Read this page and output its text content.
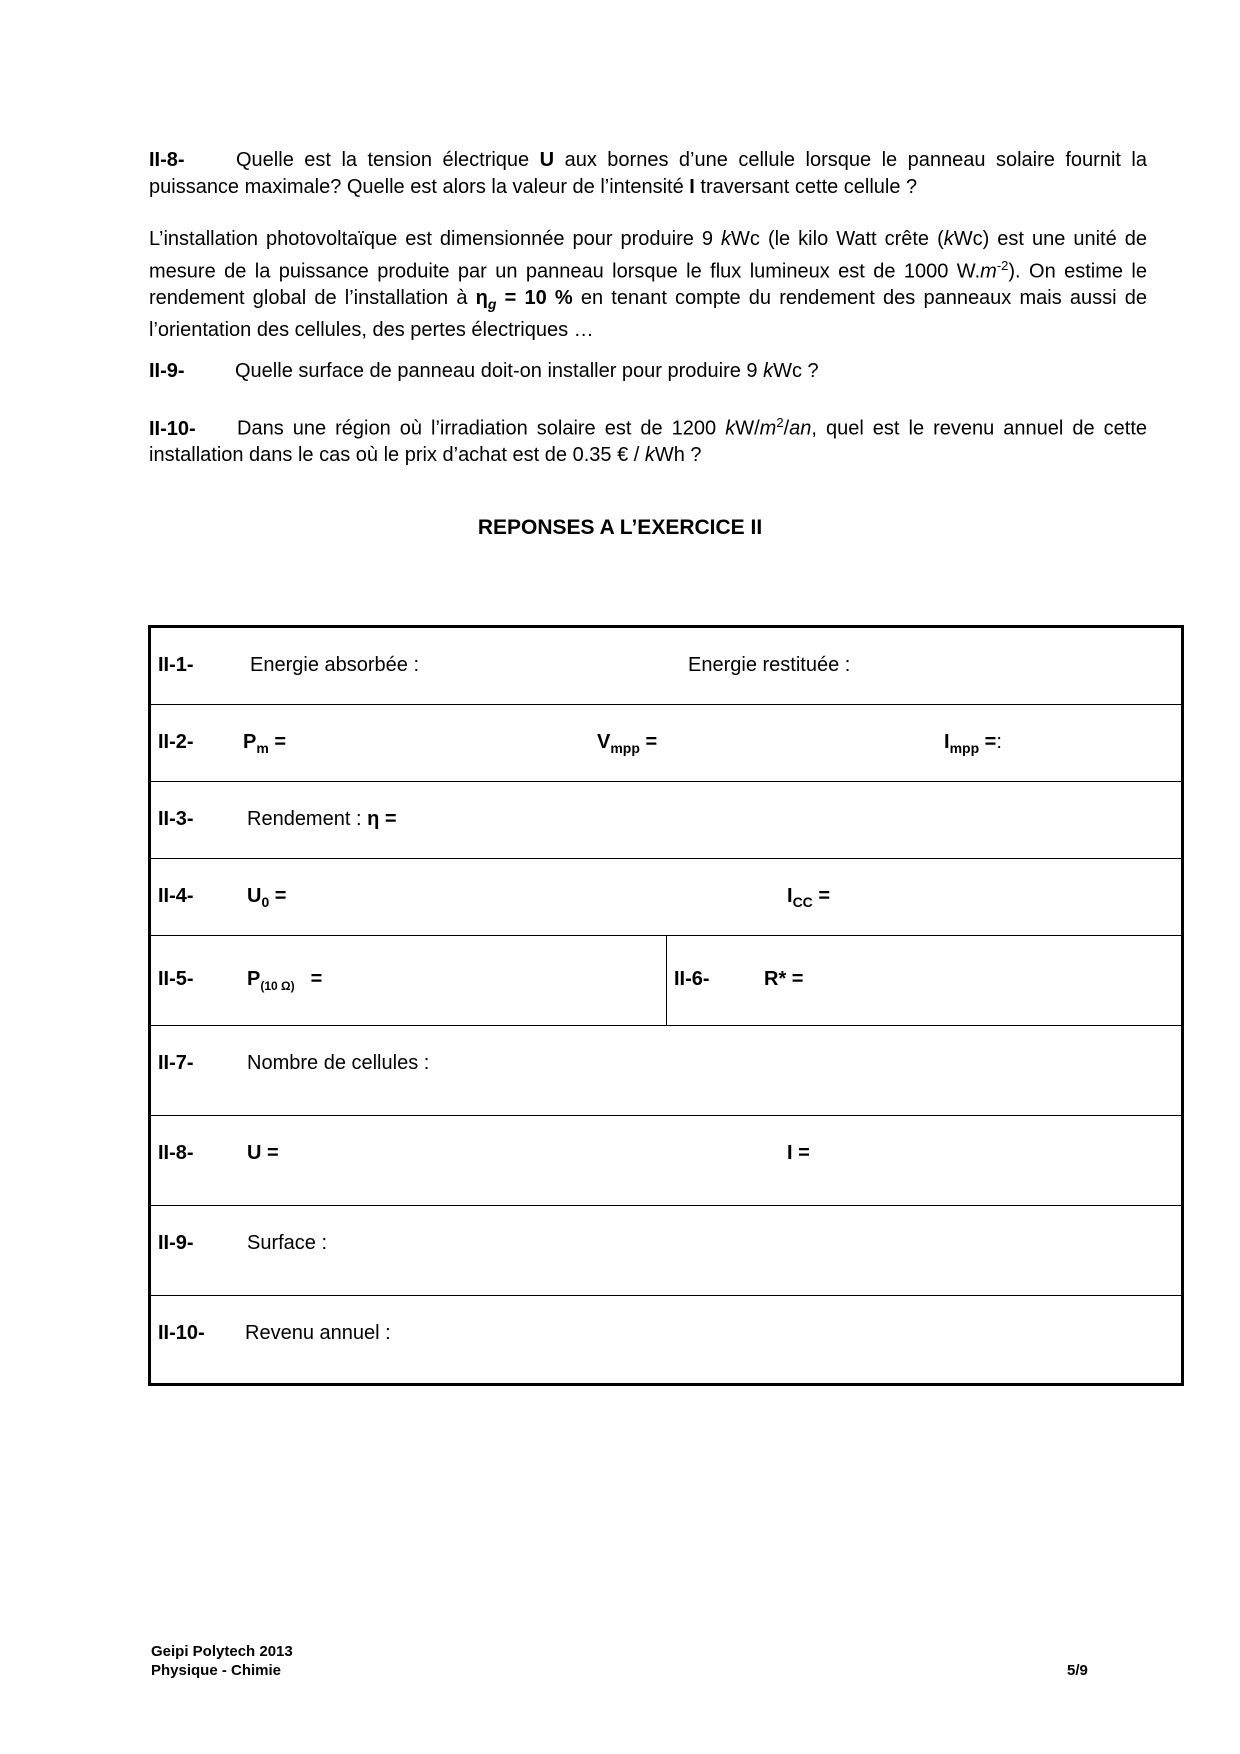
II-8-	Quelle est la tension électrique U aux bornes d’une cellule lorsque le panneau solaire fournit la puissance maximale? Quelle est alors la valeur de l’intensité I traversant cette cellule ?
L’installation photovoltaïque est dimensionnée pour produire 9 kWc (le kilo Watt crête (kWc) est une unité de mesure de la puissance produite par un panneau lorsque le flux lumineux est de 1000 $W.m^{-2}$). On estime le rendement global de l’installation à $\eta_g = 10$ % en tenant compte du rendement des panneaux mais aussi de l’orientation des cellules, des pertes électriques …
II-9-	Quelle surface de panneau doit-on installer pour produire 9 kWc ?
II-10- Dans une région où l’irradiation solaire est de 1200 $kW/m^2/an$, quel est le revenu annuel de cette installation dans le cas où le prix d’achat est de 0.35 € / kWh ?
REPONSES A L’EXERCICE II
II-1-	Energie absorbée :	Energie restituée :
II-2- $P_m$ =	$V_{mpp}$ =	$I_{mpp}$ =:
II-3-	Rendement : η =
II-4-	$U_0$ =	$I_{CC}$ =
II-5-	$P_{(10 \Omega)}$ =	II-6-	R* =
II-7-	Nombre de cellules :
II-8-	U =	I =
II-9-	Surface :
II-10- Revenu annuel :
Geipi Polytech 2013
Physique - Chimie	5/9
